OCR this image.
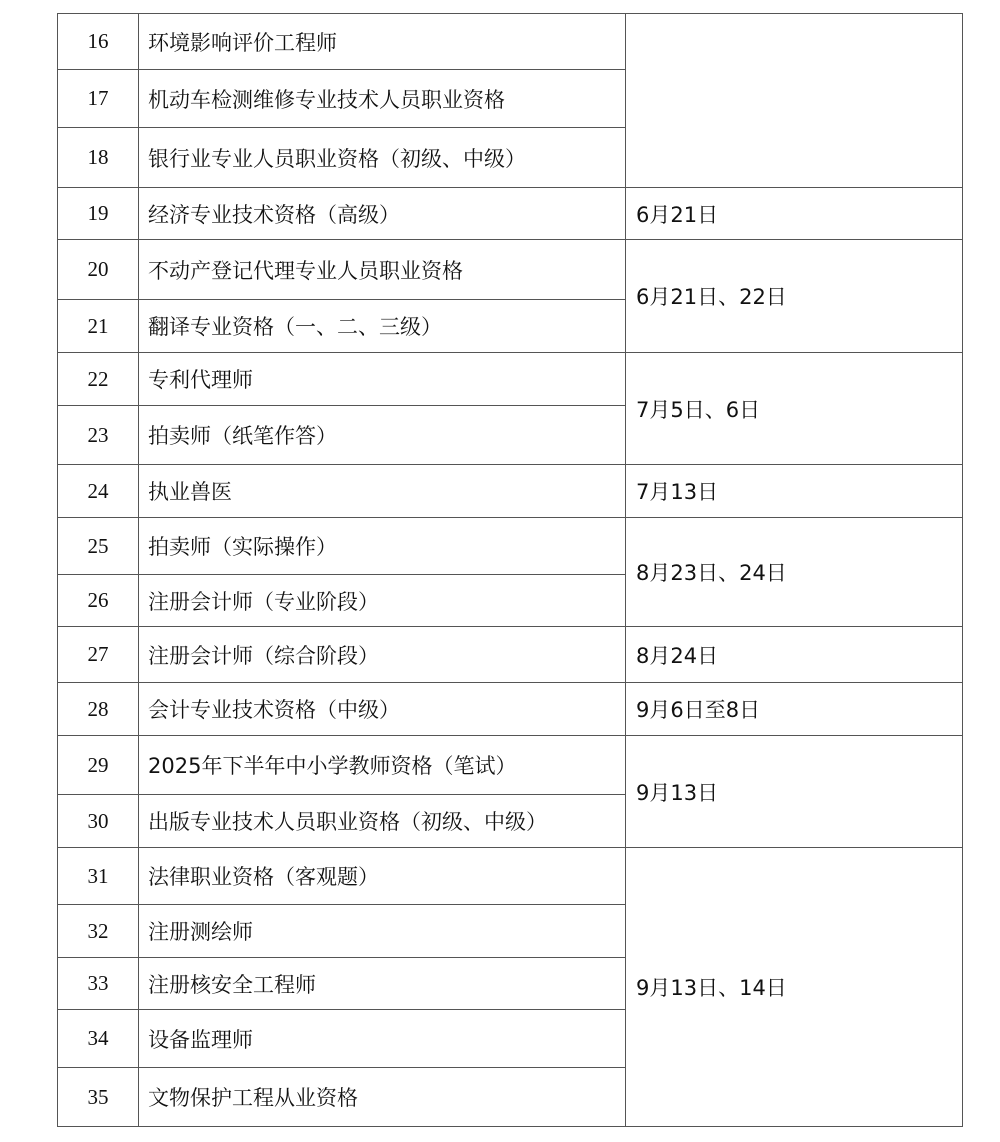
16	环境影响评价工程师	
17	机动车检测维修专业技术人员职业资格	
18	银行业专业人员职业资格（初级、中级）	
19	经济专业技术资格（高级）	6月21日
20	不动产登记代理专业人员职业资格	6月21日、22日
21	翻译专业资格（一、二、三级）	
22	专利代理师	7月5日、6日
23	拍卖师（纸笔作答）	
24	执业兽医	7月13日
25	拍卖师（实际操作）	8月23日、24日
26	注册会计师（专业阶段）	
27	注册会计师（综合阶段）	8月24日
28	会计专业技术资格（中级）	9月6日至8日
29	2025年下半年中小学教师资格（笔试）	9月13日
30	出版专业技术人员职业资格（初级、中级）	
31	法律职业资格（客观题）	9月13日、14日
32	注册测绘师	
33	注册核安全工程师	
34	设备监理师	
35	文物保护工程从业资格	
